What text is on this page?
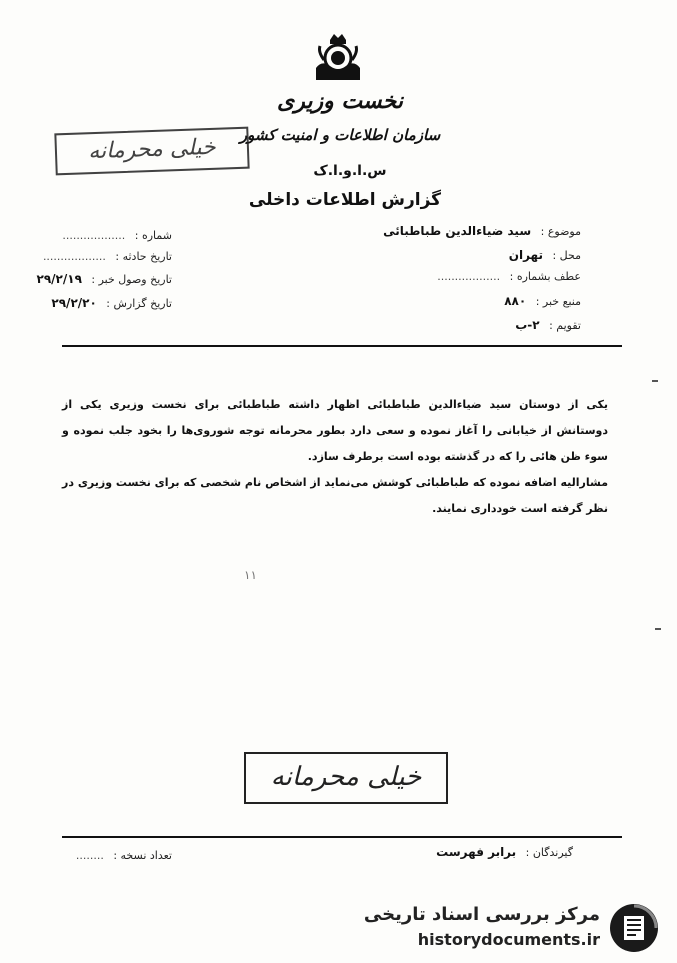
نخست وزیری
سازمان اطلاعات و امنیت کشور
س.ا.و.ا.ک
گزارش اطلاعات داخلی
خیلی محرمانه
موضوع : سید ضیاءالدین طباطبائی
محل : تهران
عطف بشماره : ..................
منبع خبر : ۸۸۰
تقویم : ۲-ب
شماره : ..................
تاریخ حادثه : ..................
تاریخ وصول خبر : ۲۹/۲/۱۹
تاریخ گزارش : ۲۹/۲/۲۰

یکی از دوستان سید ضیاءالدین طباطبائی اظهار داشته طباطبائی برای نخست وزیری یکی از دوستانش از خیابانی را آغاز نموده و سعی دارد بطور محرمانه توجه شوروی‌ها را بخود جلب نموده و سوء ظن هائی را که در گذشته بوده است برطرف سازد.

مشارالیه اضافه نموده که طباطبائی کوشش می‌نماید از اشخاص نام شخصی که برای نخست وزیری در نظر گرفته است خودداری نمایند.

۱۱
خیلی محرمانه
گیرندگان : برابر فهرست
تعداد نسخه : ........
مرکز بررسی اسناد تاریخی
historydocuments.ir
